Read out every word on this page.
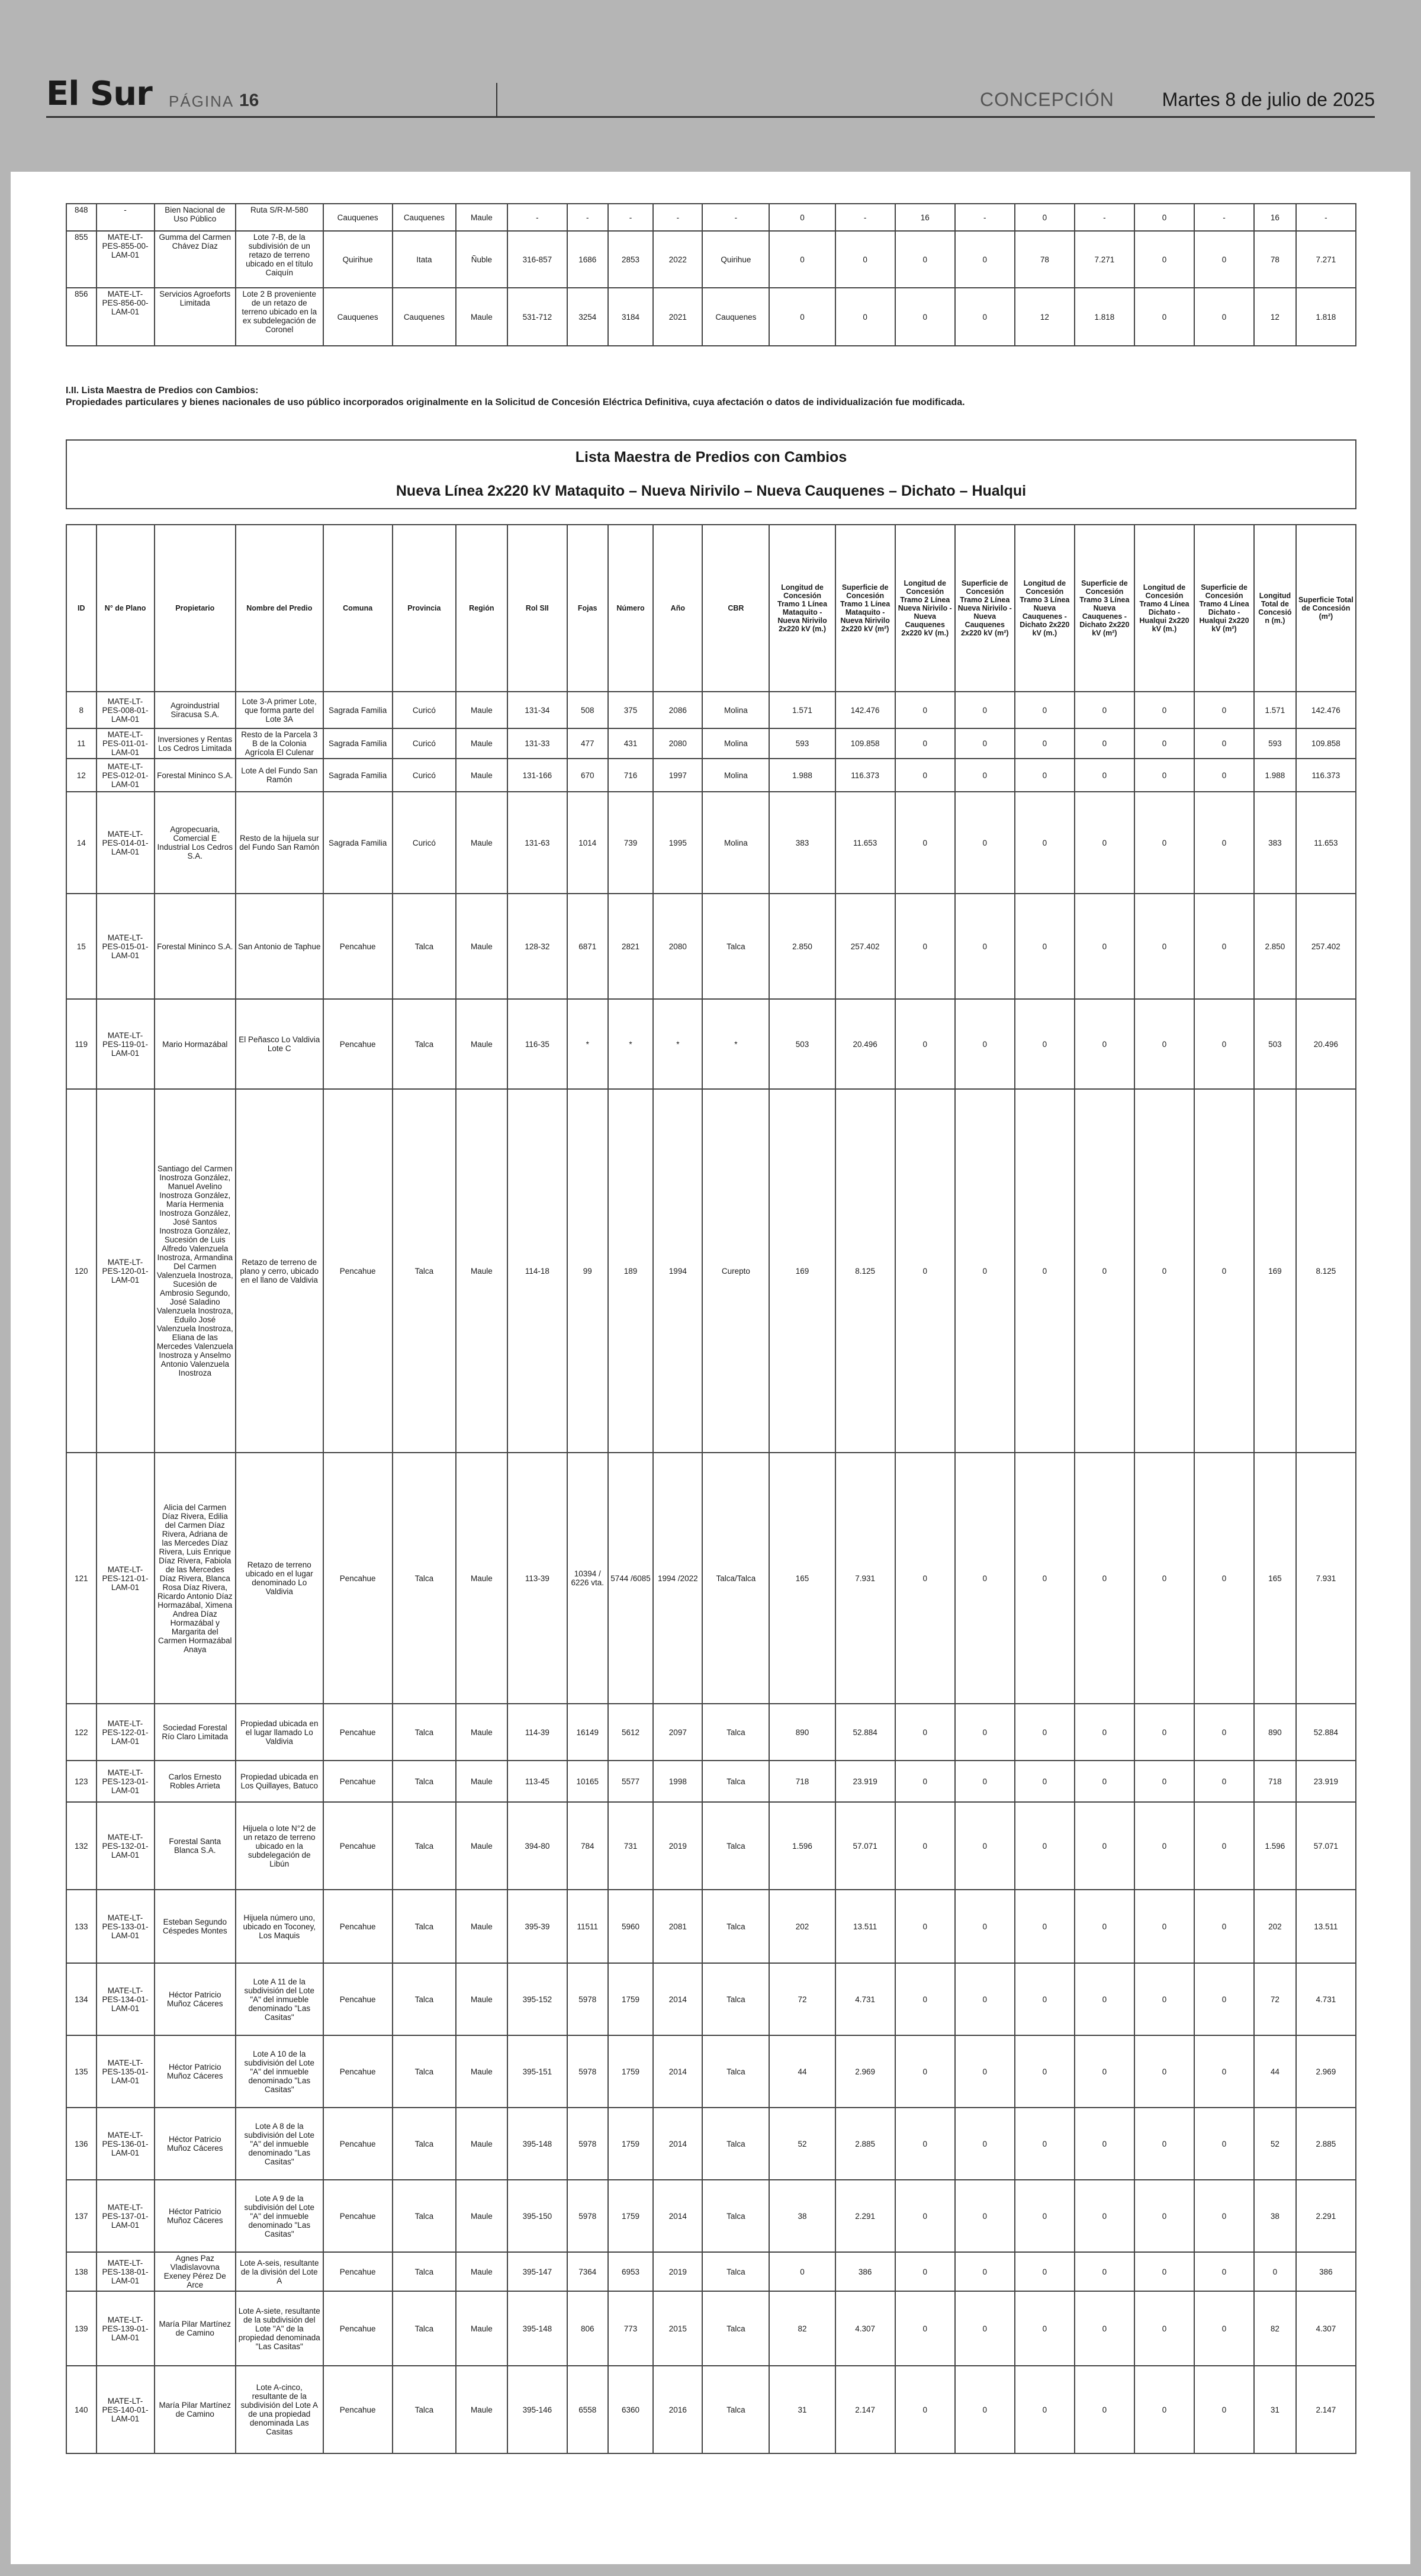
El Sur PÁGINA 16	CONCEPCIÓN	Martes 8 de julio de 2025
848	-	Bien Nacional de Uso Público	Ruta S/R-M-580	Cauquenes	Cauquenes	Maule	-	-	-	-	-	0	-	16	-	0	-	0	-	16	-
855	MATE-LT-PES-855-00-LAM-01	Gumma del Carmen Chávez Díaz	Lote 7-B, de la subdivisión de un retazo de terreno ubicado en el título Caiquín	Quirihue	Itata	Ñuble	316-857	1686	2853	2022	Quirihue	0	0	0	0	78	7.271	0	0	78	7.271
856	MATE-LT-PES-856-00-LAM-01	Servicios Agroeforts Limitada	Lote 2 B proveniente de un retazo de terreno ubicado en la ex subdelegación de Coronel	Cauquenes	Cauquenes	Maule	531-712	3254	3184	2021	Cauquenes	0	0	0	0	12	1.818	0	0	12	1.818
I.II. Lista Maestra de Predios con Cambios:
Propiedades particulares y bienes nacionales de uso público incorporados originalmente en la Solicitud de Concesión Eléctrica Definitiva, cuya afectación o datos de individualización fue modificada.
Lista Maestra de Predios con Cambios
Nueva Línea 2x220 kV Mataquito – Nueva Nirivilo – Nueva Cauquenes – Dichato – Hualqui
ID	N° de Plano	Propietario	Nombre del Predio	Comuna	Provincia	Región	Rol SII	Fojas	Número	Año	CBR	Longitud de Concesión Tramo 1 Línea Mataquito - Nueva Nirivilo 2x220 kV (m.)	Superficie de Concesión Tramo 1 Línea Mataquito - Nueva Nirivilo 2x220 kV (m²)	Longitud de Concesión Tramo 2 Línea Nueva Nirivilo - Nueva Cauquenes 2x220 kV (m.)	Superficie de Concesión Tramo 2 Línea Nueva Nirivilo - Nueva Cauquenes 2x220 kV (m²)	Longitud de Concesión Tramo 3 Línea Nueva Cauquenes - Dichato 2x220 kV (m.)	Superficie de Concesión Tramo 3 Línea Nueva Cauquenes - Dichato 2x220 kV (m²)	Longitud de Concesión Tramo 4 Línea Dichato - Hualqui 2x220 kV (m.)	Superficie de Concesión Tramo 4 Línea Dichato - Hualqui 2x220 kV (m²)	Longitud Total de Concesión (m.)	Superficie Total de Concesión (m²)
8	MATE-LT-PES-008-01-LAM-01	Agroindustrial Siracusa S.A.	Lote 3-A primer Lote, que forma parte del Lote 3A	Sagrada Familia	Curicó	Maule	131-34	508	375	2086	Molina	1.571	142.476	0	0	0	0	0	0	1.571	142.476
11	MATE-LT-PES-011-01-LAM-01	Inversiones y Rentas Los Cedros Limitada	Resto de la Parcela 3 B de la Colonia Agrícola El Culenar	Sagrada Familia	Curicó	Maule	131-33	477	431	2080	Molina	593	109.858	0	0	0	0	0	0	593	109.858
12	MATE-LT-PES-012-01-LAM-01	Forestal Mininco S.A.	Lote A del Fundo San Ramón	Sagrada Familia	Curicó	Maule	131-166	670	716	1997	Molina	1.988	116.373	0	0	0	0	0	0	1.988	116.373
14	MATE-LT-PES-014-01-LAM-01	Agropecuaria, Comercial E Industrial Los Cedros S.A.	Resto de la hijuela sur del Fundo San Ramón	Sagrada Familia	Curicó	Maule	131-63	1014	739	1995	Molina	383	11.653	0	0	0	0	0	0	383	11.653
15	MATE-LT-PES-015-01-LAM-01	Forestal Mininco S.A.	San Antonio de Taphue	Pencahue	Talca	Maule	128-32	6871	2821	2080	Talca	2.850	257.402	0	0	0	0	0	0	2.850	257.402
119	MATE-LT-PES-119-01-LAM-01	Mario Hormazábal	El Peñasco Lo Valdivia Lote C	Pencahue	Talca	Maule	116-35	*	*	*	*	503	20.496	0	0	0	0	0	0	503	20.496
120	MATE-LT-PES-120-01-LAM-01	Santiago del Carmen Inostroza González, Manuel Avelino Inostroza González, María Hermenia Inostroza González, José Santos Inostroza González, Sucesión de Luis Alfredo Valenzuela Inostroza, Armandina Del Carmen Valenzuela Inostroza, Sucesión de Ambrosio Segundo, José Saladino Valenzuela Inostroza, Eduilo José Valenzuela Inostroza, Eliana de las Mercedes Valenzuela Inostroza y Anselmo Antonio Valenzuela Inostroza	Retazo de terreno de plano y cerro, ubicado en el llano de Valdivia	Pencahue	Talca	Maule	114-18	99	189	1994	Curepto	169	8.125	0	0	0	0	0	0	169	8.125
121	MATE-LT-PES-121-01-LAM-01	Alicia del Carmen Díaz Rivera, Edilia del Carmen Díaz Rivera, Adriana de las Mercedes Díaz Rivera, Luis Enrique Díaz Rivera, Fabiola de las Mercedes Díaz Rivera, Blanca Rosa Díaz Rivera, Ricardo Antonio Díaz Hormazábal, Ximena Andrea Díaz Hormazábal y Margarita del Carmen Hormazábal Anaya	Retazo de terreno ubicado en el lugar denominado Lo Valdivia	Pencahue	Talca	Maule	113-39	10394 / 6226 vta.	5744 /6085	1994 /2022	Talca/Talca	165	7.931	0	0	0	0	0	0	165	7.931
122	MATE-LT-PES-122-01-LAM-01	Sociedad Forestal Río Claro Limitada	Propiedad ubicada en el lugar llamado Lo Valdivia	Pencahue	Talca	Maule	114-39	16149	5612	2097	Talca	890	52.884	0	0	0	0	0	0	890	52.884
123	MATE-LT-PES-123-01-LAM-01	Carlos Ernesto Robles Arrieta	Propiedad ubicada en Los Quillayes, Batuco	Pencahue	Talca	Maule	113-45	10165	5577	1998	Talca	718	23.919	0	0	0	0	0	0	718	23.919
132	MATE-LT-PES-132-01-LAM-01	Forestal Santa Blanca S.A.	Hijuela o lote N°2 de un retazo de terreno ubicado en la subdelegación de Libún	Pencahue	Talca	Maule	394-80	784	731	2019	Talca	1.596	57.071	0	0	0	0	0	0	1.596	57.071
133	MATE-LT-PES-133-01-LAM-01	Esteban Segundo Céspedes Montes	Hijuela número uno, ubicado en Toconey, Los Maquis	Pencahue	Talca	Maule	395-39	11511	5960	2081	Talca	202	13.511	0	0	0	0	0	0	202	13.511
134	MATE-LT-PES-134-01-LAM-01	Héctor Patricio Muñoz Cáceres	Lote A 11 de la subdivisión del Lote "A" del inmueble denominado "Las Casitas"	Pencahue	Talca	Maule	395-152	5978	1759	2014	Talca	72	4.731	0	0	0	0	0	0	72	4.731
135	MATE-LT-PES-135-01-LAM-01	Héctor Patricio Muñoz Cáceres	Lote A 10 de la subdivisión del Lote "A" del inmueble denominado "Las Casitas"	Pencahue	Talca	Maule	395-151	5978	1759	2014	Talca	44	2.969	0	0	0	0	0	0	44	2.969
136	MATE-LT-PES-136-01-LAM-01	Héctor Patricio Muñoz Cáceres	Lote A 8 de la subdivisión del Lote "A" del inmueble denominado "Las Casitas"	Pencahue	Talca	Maule	395-148	5978	1759	2014	Talca	52	2.885	0	0	0	0	0	0	52	2.885
137	MATE-LT-PES-137-01-LAM-01	Héctor Patricio Muñoz Cáceres	Lote A 9 de la subdivisión del Lote "A" del inmueble denominado "Las Casitas"	Pencahue	Talca	Maule	395-150	5978	1759	2014	Talca	38	2.291	0	0	0	0	0	0	38	2.291
138	MATE-LT-PES-138-01-LAM-01	Agnes Paz Vladislavovna Exeney Pérez De Arce	Lote A-seis, resultante de la división del Lote A	Pencahue	Talca	Maule	395-147	7364	6953	2019	Talca	0	386	0	0	0	0	0	0	0	386
139	MATE-LT-PES-139-01-LAM-01	María Pilar Martínez de Camino	Lote A-siete, resultante de la subdivisión del Lote "A" de la propiedad denominada "Las Casitas"	Pencahue	Talca	Maule	395-148	806	773	2015	Talca	82	4.307	0	0	0	0	0	0	82	4.307
140	MATE-LT-PES-140-01-LAM-01	María Pilar Martínez de Camino	Lote A-cinco, resultante de la subdivisión del Lote A de una propiedad denominada Las Casitas	Pencahue	Talca	Maule	395-146	6558	6360	2016	Talca	31	2.147	0	0	0	0	0	0	31	2.147
